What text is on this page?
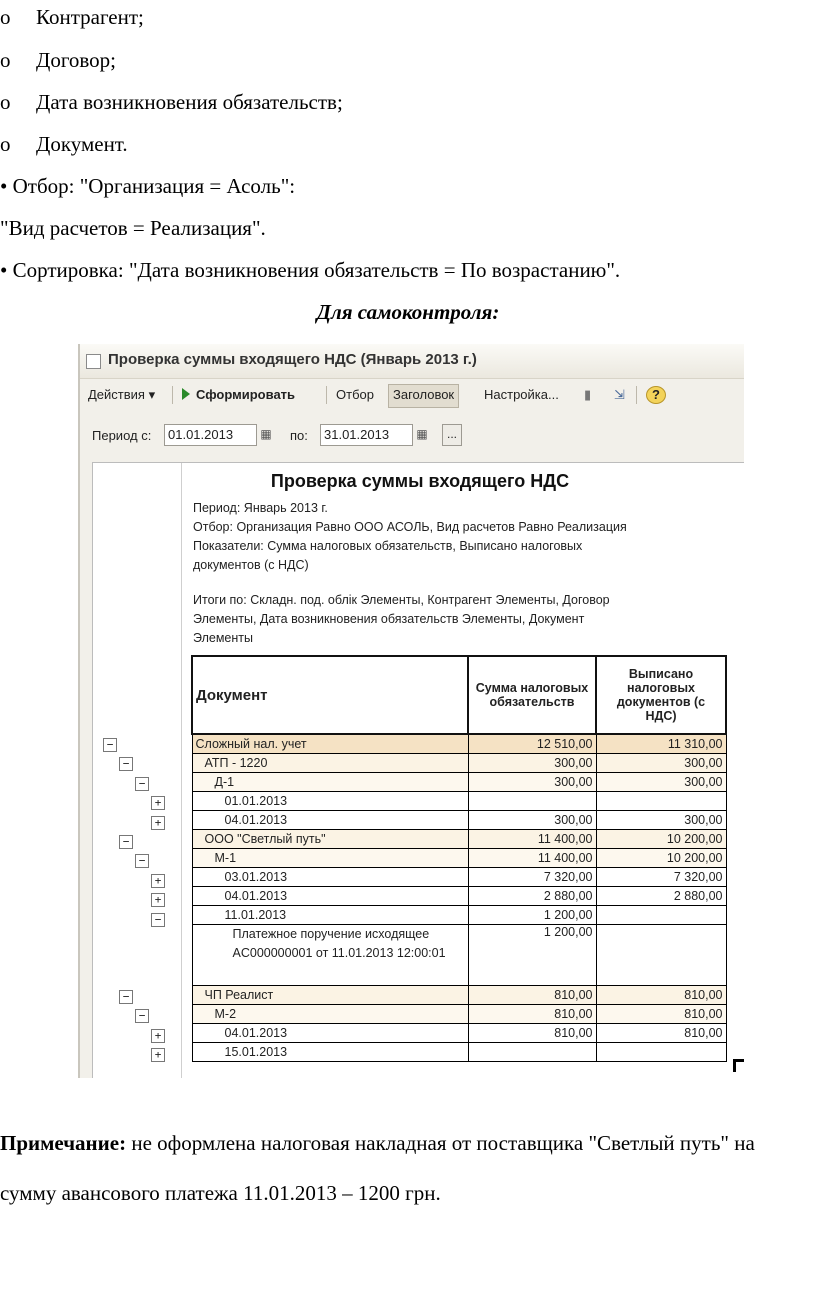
o Контрагент;
o Договор;
o Дата возникновения обязательств;
o Документ.
• Отбор: "Организация = Асоль":
"Вид расчетов = Реализация".
• Сортировка: "Дата возникновения обязательств = По возрастанию".
Для самоконтроля:
Проверка суммы входящего НДС (Январь 2013 г.)
Действия ▾	Сформировать	Отбор	Заголовок	Настройка...	▮	⇲	?
Период с:	01.01.2013	▦ по:	31.01.2013	▦	...
Проверка суммы входящего НДС
Период: Январь 2013 г.
Отбор: Организация Равно ООО АСОЛЬ, Вид расчетов Равно Реализация
Показатели: Сумма налоговых обязательств, Выписано налоговых
документов (с НДС)
Итоги по: Складн. под. облік Элементы, Контрагент Элементы, Договор
Элементы, Дата возникновения обязательств Элементы, Документ
Элементы
Документ	Сумма налоговых обязательств	Выписано налоговых документов (с НДС)
Сложный нал. учет	12 510,00	11 310,00
АТП - 1220	300,00	300,00
Д-1	300,00	300,00
01.01.2013		
04.01.2013	300,00	300,00
ООО "Светлый путь"	11 400,00	10 200,00
М-1	11 400,00	10 200,00
03.01.2013	7 320,00	7 320,00
04.01.2013	2 880,00	2 880,00
11.01.2013	1 200,00	
Платежное поручение исходящее AC000000001 от 11.01.2013 12:00:01	1 200,00	
ЧП Реалист	810,00	810,00
М-2	810,00	810,00
04.01.2013	810,00	810,00
15.01.2013		
−
−
−
+
+
−
−
+
+
−
−
−
+
+
Примечание: не оформлена налоговая накладная от поставщика "Светлый путь" на сумму авансового платежа 11.01.2013 – 1200 грн.
